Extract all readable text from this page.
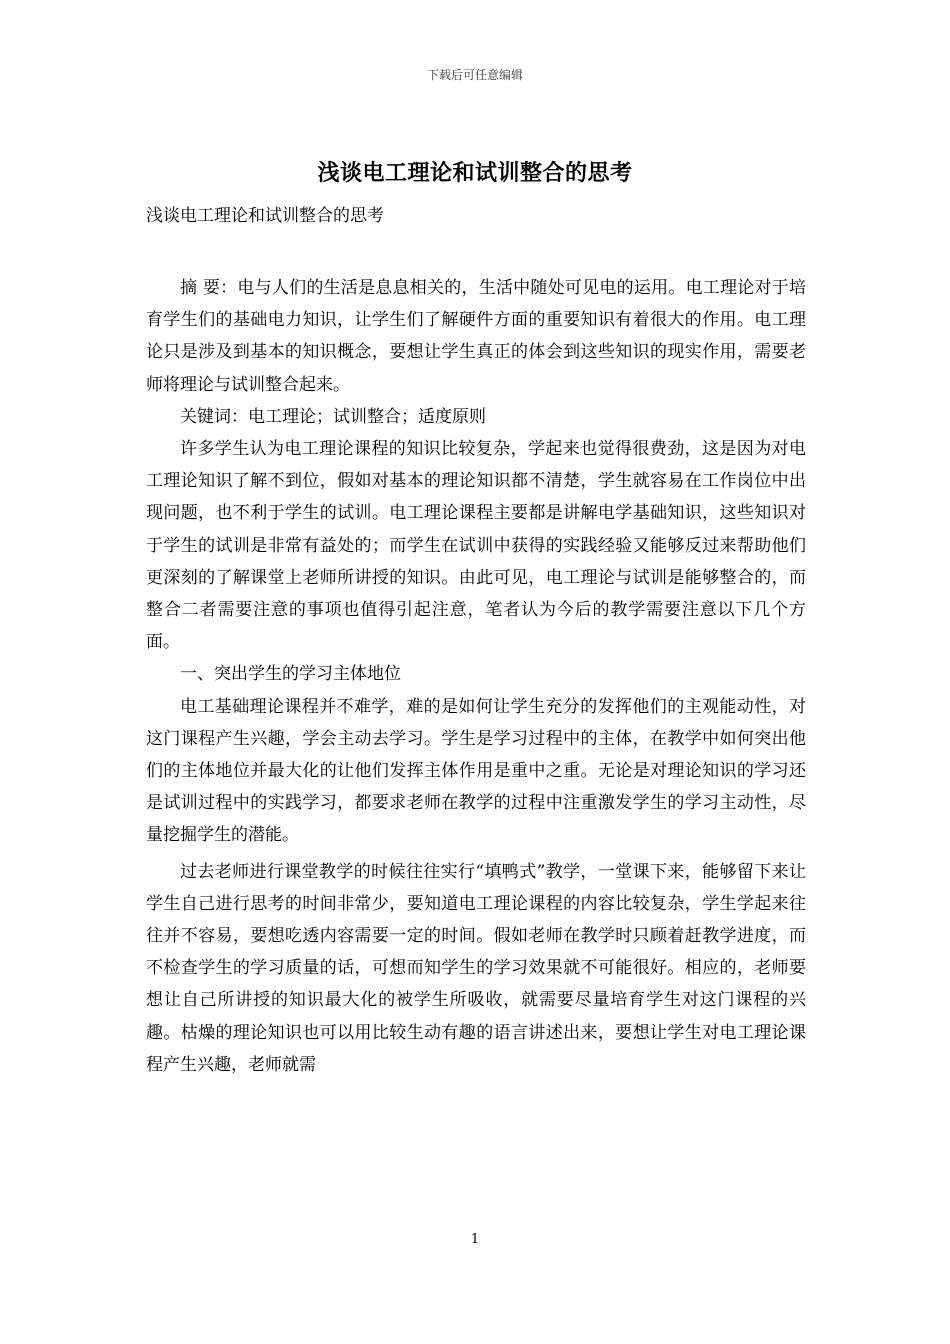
下载后可任意编辑
浅谈电工理论和试训整合的思考
浅谈电工理论和试训整合的思考

摘 要：电与人们的生活是息息相关的，生活中随处可见电的运用。电工理论对于培育学生们的基础电力知识，让学生们了解硬件方面的重要知识有着很大的作用。电工理论只是涉及到基本的知识概念，要想让学生真正的体会到这些知识的现实作用，需要老师将理论与试训整合起来。

关键词：电工理论；试训整合；适度原则

许多学生认为电工理论课程的知识比较复杂，学起来也觉得很费劲，这是因为对电工理论知识了解不到位，假如对基本的理论知识都不清楚，学生就容易在工作岗位中出现问题，也不利于学生的试训。电工理论课程主要都是讲解电学基础知识，这些知识对于学生的试训是非常有益处的；而学生在试训中获得的实践经验又能够反过来帮助他们更深刻的了解课堂上老师所讲授的知识。由此可见，电工理论与试训是能够整合的，而整合二者需要注意的事项也值得引起注意，笔者认为今后的教学需要注意以下几个方面。

一、突出学生的学习主体地位

电工基础理论课程并不难学，难的是如何让学生充分的发挥他们的主观能动性，对这门课程产生兴趣，学会主动去学习。学生是学习过程中的主体，在教学中如何突出他们的主体地位并最大化的让他们发挥主体作用是重中之重。无论是对理论知识的学习还是试训过程中的实践学习，都要求老师在教学的过程中注重激发学生的学习主动性，尽量挖掘学生的潜能。

过去老师进行课堂教学的时候往往实行“填鸭式”教学，一堂课下来，能够留下来让学生自己进行思考的时间非常少，要知道电工理论课程的内容比较复杂，学生学起来往往并不容易，要想吃透内容需要一定的时间。假如老师在教学时只顾着赶教学进度，而不检查学生的学习质量的话，可想而知学生的学习效果就不可能很好。相应的，老师要想让自己所讲授的知识最大化的被学生所吸收，就需要尽量培育学生对这门课程的兴趣。枯燥的理论知识也可以用比较生动有趣的语言讲述出来，要想让学生对电工理论课程产生兴趣，老师就需

1
